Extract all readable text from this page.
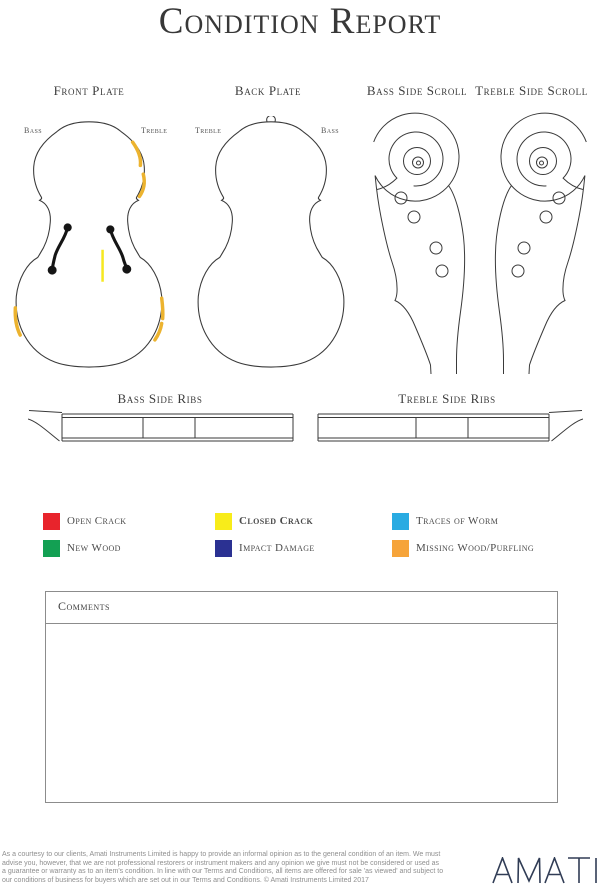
Condition Report
Front Plate	Back Plate	Bass Side Scroll Treble Side Scroll
Bass	Treble	Treble	Bass
Bass Side Ribs	Treble Side Ribs
Open Crack	Closed Crack	Traces of Worm
New Wood	Impact Damage	Missing Wood/Purfling
Comments
As a courtesy to our clients, Amati Instruments Limited is happy to provide an informal opinion as to the general condition of an item. We must
advise you, however, that we are not professional restorers or instrument makers and any opinion we give must not be considered or used as
a guarantee or warranty as to an item's condition. In line with our Terms and Conditions, all items are offered for sale 'as viewed' and subject to
our conditions of business for buyers which are set out in our Terms and Conditions. © Amati Instruments Limited 2017
